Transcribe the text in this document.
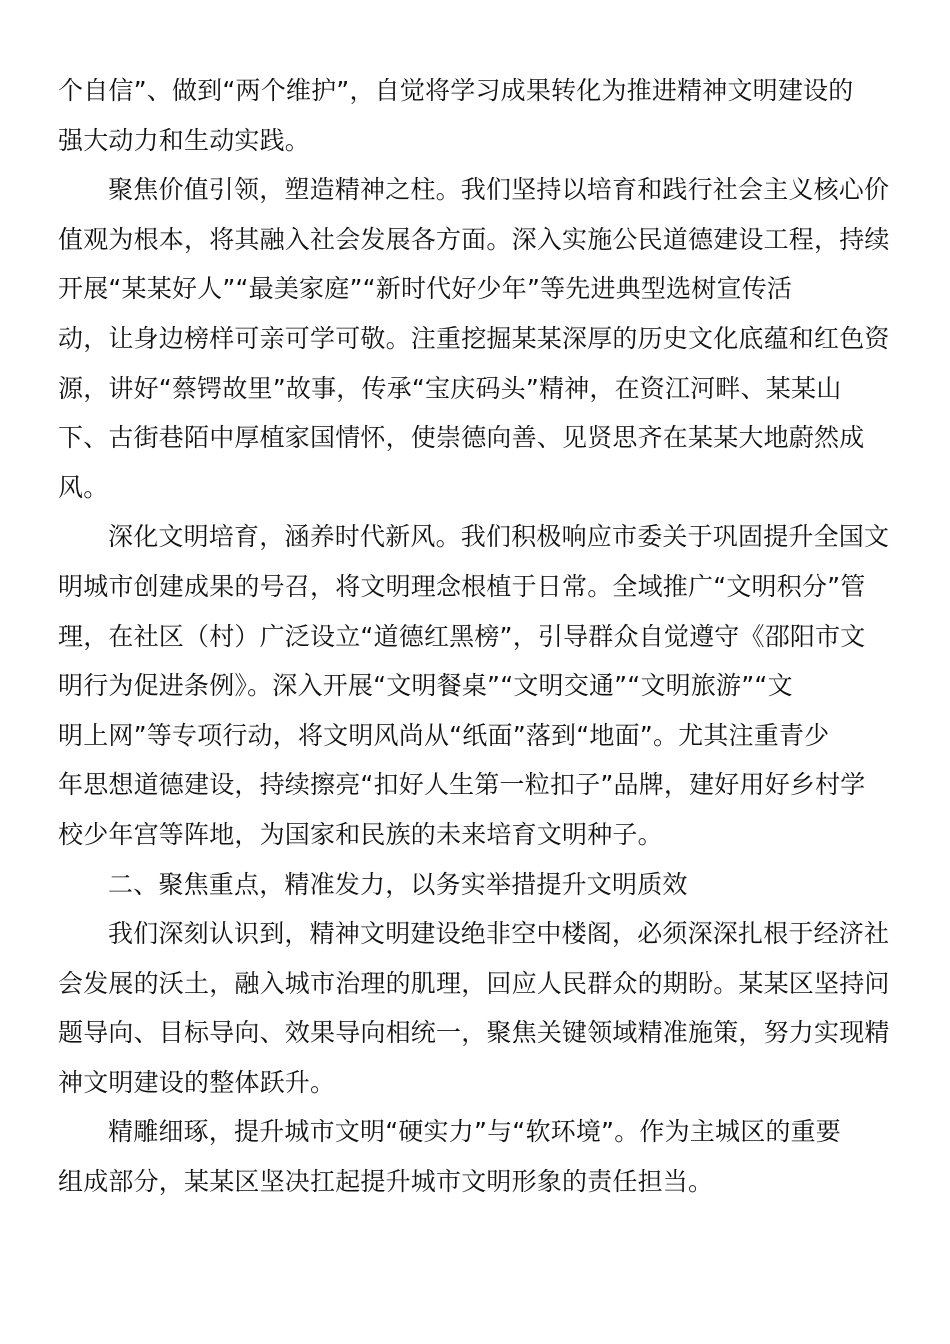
个自信”、做到“两个维护”，自觉将学习成果转化为推进精神文明建设的
强大动力和生动实践。
聚焦价值引领，塑造精神之柱。我们坚持以培育和践行社会主义核心价
值观为根本，将其融入社会发展各方面。深入实施公民道德建设工程，持续
开展“某某好人”“最美家庭”“新时代好少年”等先进典型选树宣传活
动，让身边榜样可亲可学可敬。注重挖掘某某深厚的历史文化底蕴和红色资
源，讲好“蔡锷故里”故事，传承“宝庆码头”精神，在资江河畔、某某山
下、古街巷陌中厚植家国情怀，使崇德向善、见贤思齐在某某大地蔚然成
风。
深化文明培育，涵养时代新风。我们积极响应市委关于巩固提升全国文
明城市创建成果的号召，将文明理念根植于日常。全域推广“文明积分”管
理，在社区（村）广泛设立“道德红黑榜”，引导群众自觉遵守《邵阳市文
明行为促进条例》。深入开展“文明餐桌”“文明交通”“文明旅游”“文
明上网”等专项行动，将文明风尚从“纸面”落到“地面”。尤其注重青少
年思想道德建设，持续擦亮“扣好人生第一粒扣子”品牌，建好用好乡村学
校少年宫等阵地，为国家和民族的未来培育文明种子。
二、聚焦重点，精准发力，以务实举措提升文明质效
我们深刻认识到，精神文明建设绝非空中楼阁，必须深深扎根于经济社
会发展的沃土，融入城市治理的肌理，回应人民群众的期盼。某某区坚持问
题导向、目标导向、效果导向相统一，聚焦关键领域精准施策，努力实现精
神文明建设的整体跃升。
精雕细琢，提升城市文明“硬实力”与“软环境”。作为主城区的重要
组成部分，某某区坚决扛起提升城市文明形象的责任担当。
